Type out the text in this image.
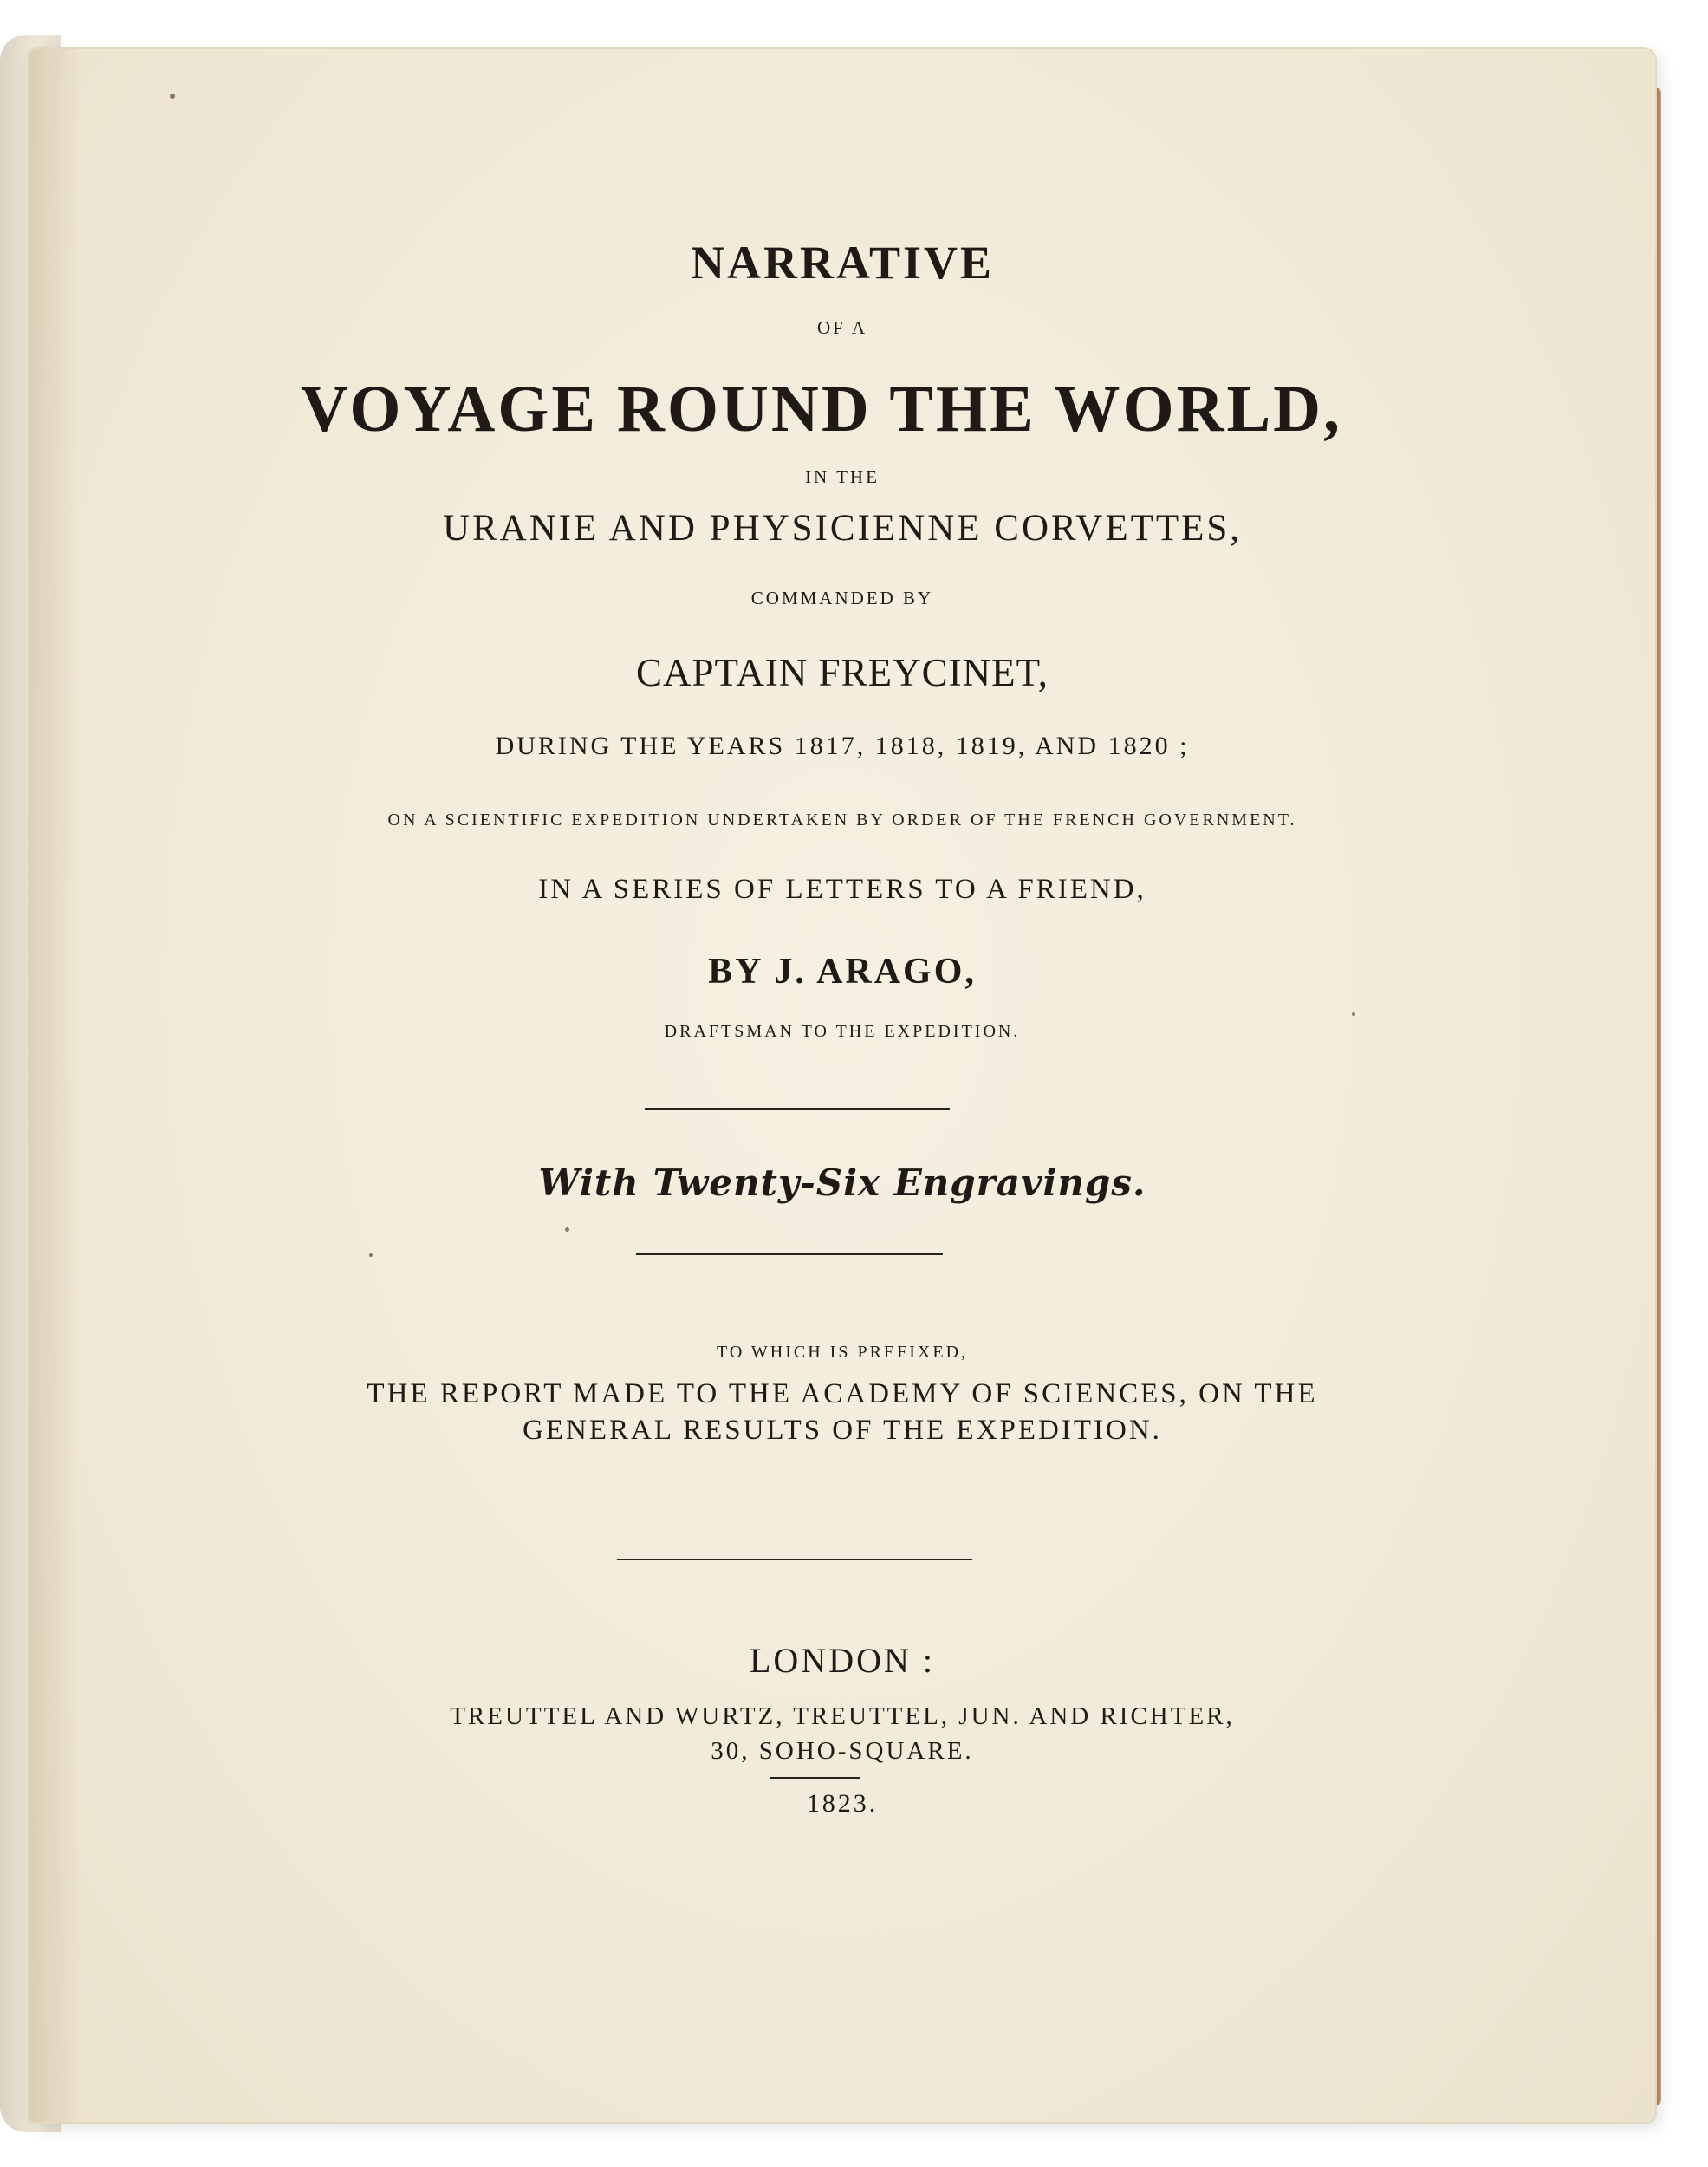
NARRATIVE
OF A
VOYAGE ROUND THE WORLD,
IN THE
URANIE AND PHYSICIENNE CORVETTES,
COMMANDED BY
CAPTAIN FREYCINET,
DURING THE YEARS 1817, 1818, 1819, AND 1820 ;
ON A SCIENTIFIC EXPEDITION UNDERTAKEN BY ORDER OF THE FRENCH GOVERNMENT.
IN A SERIES OF LETTERS TO A FRIEND,
BY J. ARAGO,
DRAFTSMAN TO THE EXPEDITION.
With Twenty-Six Engravings.
TO WHICH IS PREFIXED,
THE REPORT MADE TO THE ACADEMY OF SCIENCES, ON THE
GENERAL RESULTS OF THE EXPEDITION.
LONDON :
TREUTTEL AND WURTZ, TREUTTEL, JUN. AND RICHTER,
30, SOHO-SQUARE.
1823.
